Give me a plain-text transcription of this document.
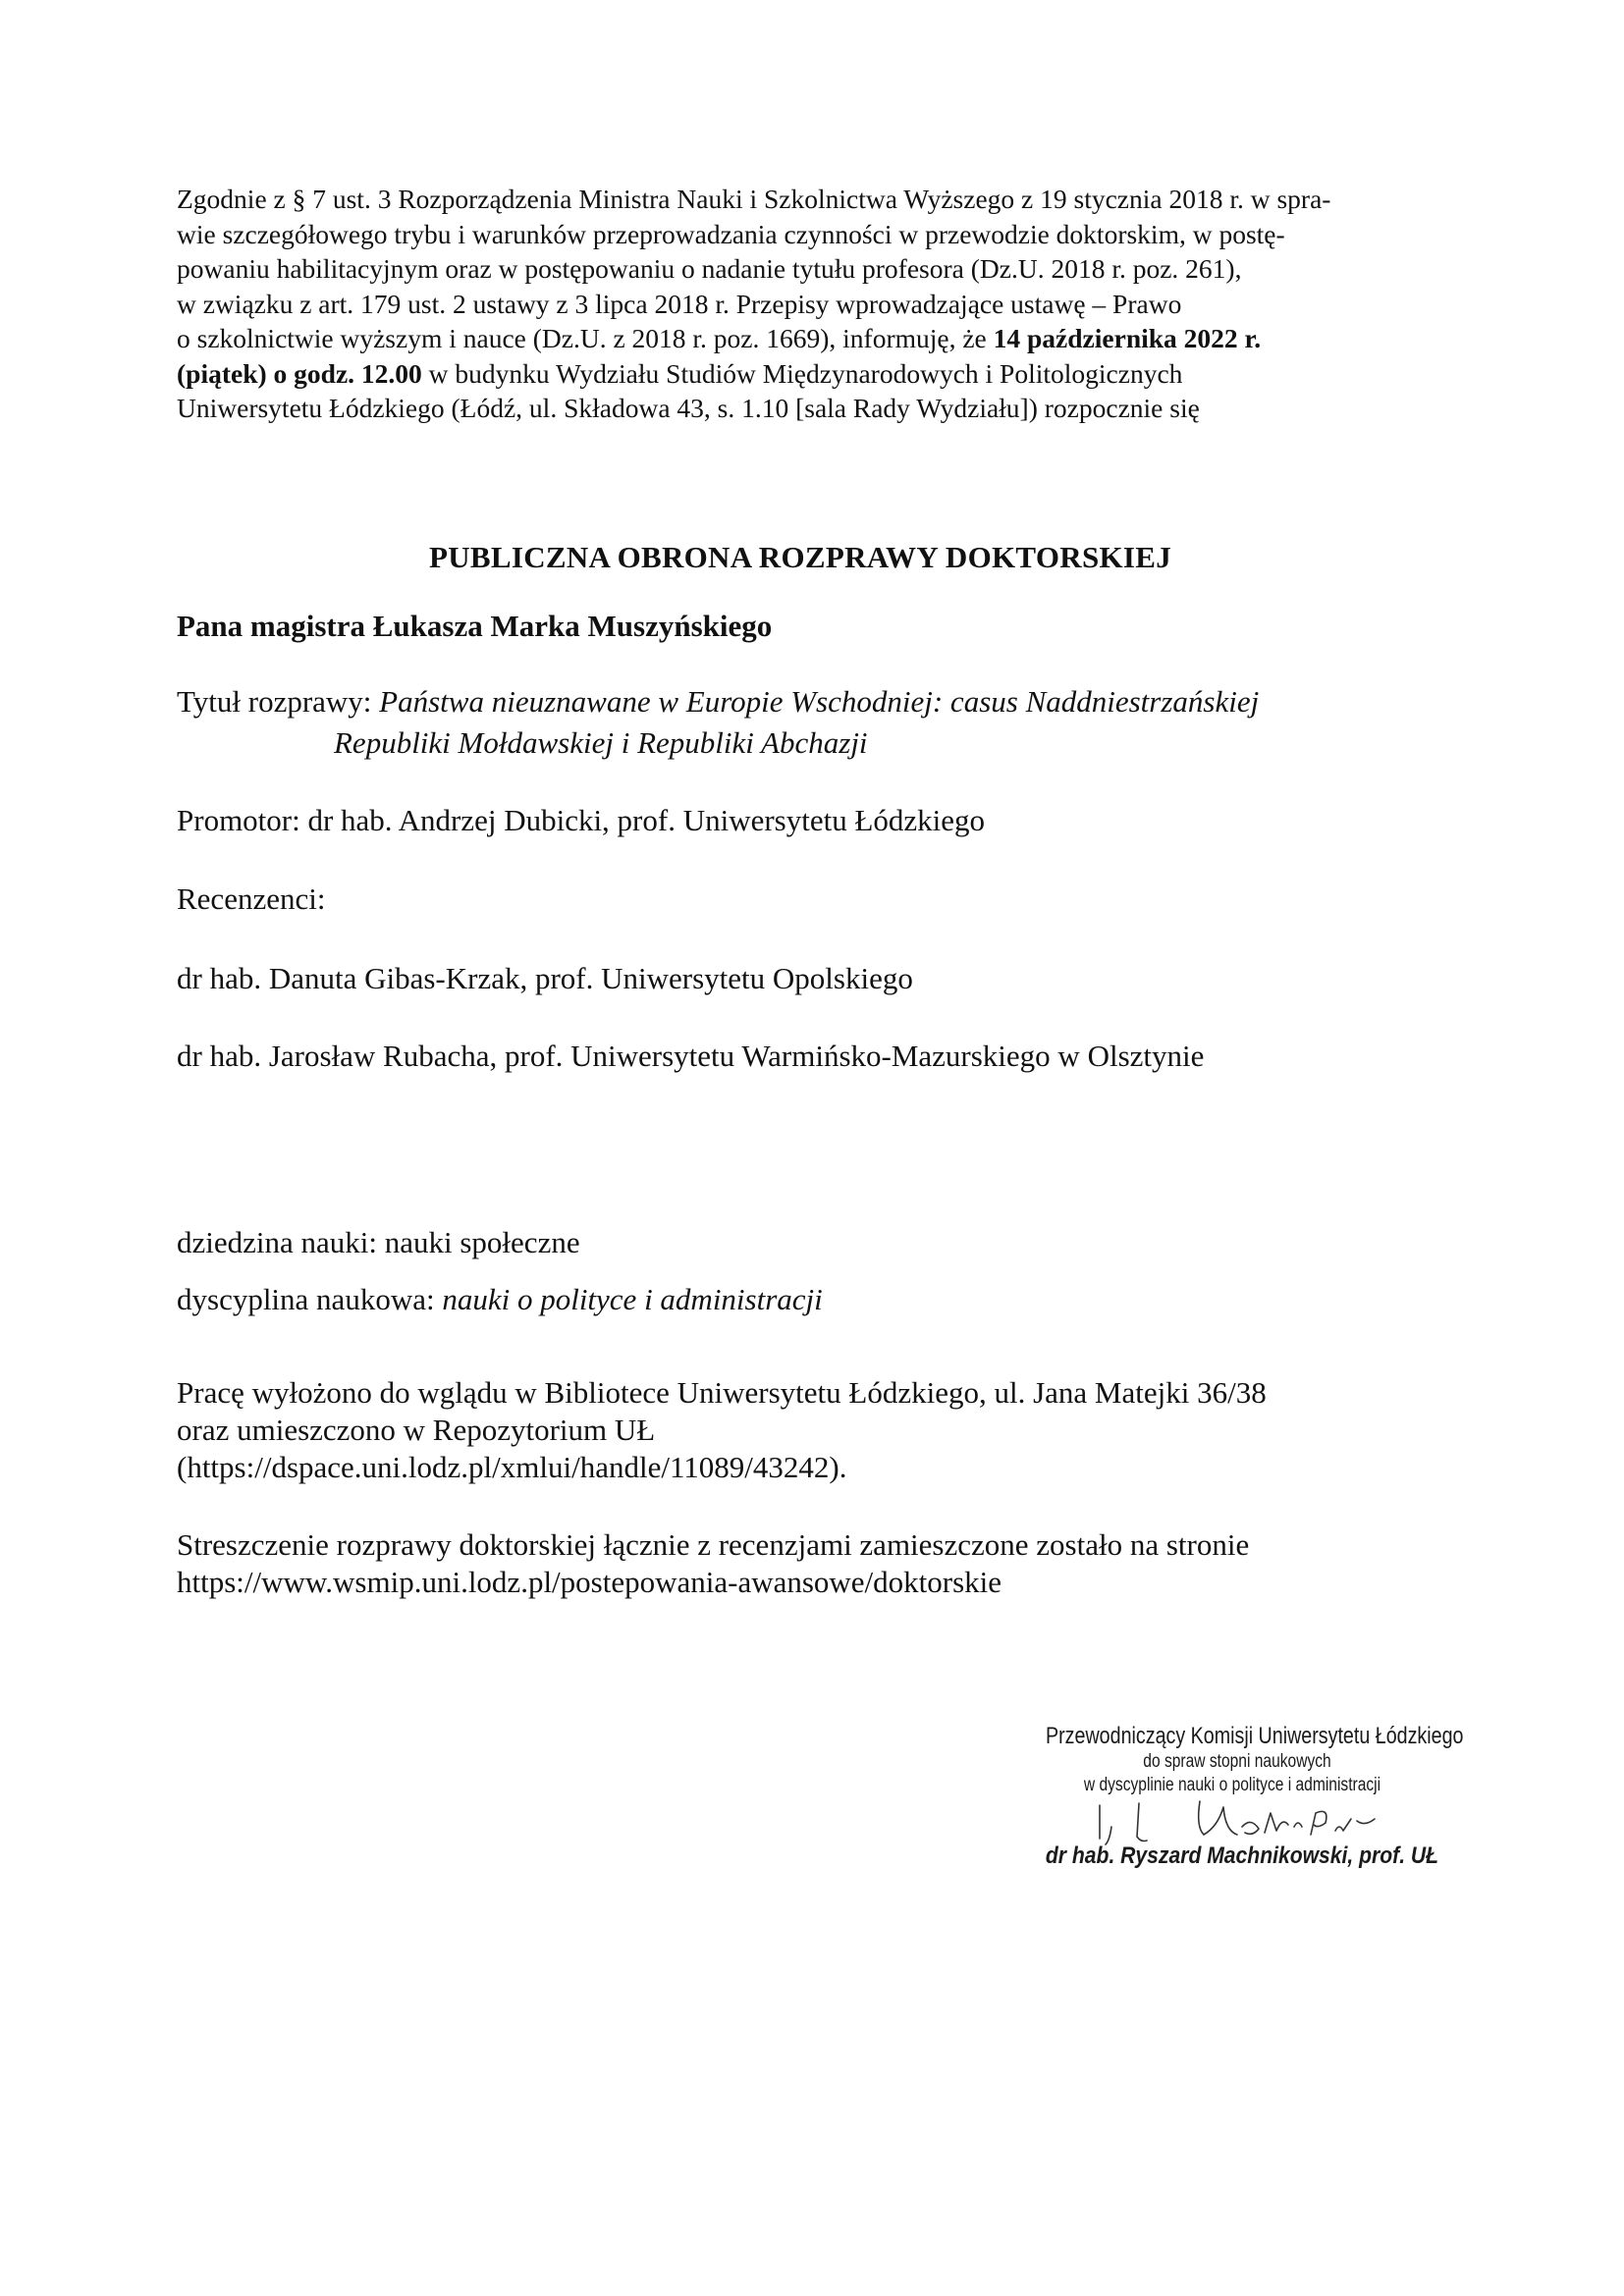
Zgodnie z § 7 ust. 3 Rozporządzenia Ministra Nauki i Szkolnictwa Wyższego z 19 stycznia 2018 r. w spra-
wie szczegółowego trybu i warunków przeprowadzania czynności w przewodzie doktorskim, w postę-
powaniu habilitacyjnym oraz w postępowaniu o nadanie tytułu profesora (Dz.U. 2018 r. poz. 261),
w związku z art. 179 ust. 2 ustawy z 3 lipca 2018 r. Przepisy wprowadzające ustawę – Prawo
o szkolnictwie wyższym i nauce (Dz.U. z 2018 r. poz. 1669), informuję, że 14 października 2022 r.
(piątek) o godz. 12.00 w budynku Wydziału Studiów Międzynarodowych i Politologicznych
Uniwersytetu Łódzkiego (Łódź, ul. Składowa 43, s. 1.10 [sala Rady Wydziału]) rozpocznie się
PUBLICZNA OBRONA ROZPRAWY DOKTORSKIEJ
Pana magistra Łukasza Marka Muszyńskiego
Tytuł rozprawy: Państwa nieuznawane w Europie Wschodniej: casus Naddniestrzańskiej
Republiki Mołdawskiej i Republiki Abchazji
Promotor: dr hab. Andrzej Dubicki, prof. Uniwersytetu Łódzkiego
Recenzenci:
dr hab. Danuta Gibas-Krzak, prof. Uniwersytetu Opolskiego
dr hab. Jarosław Rubacha, prof. Uniwersytetu Warmińsko-Mazurskiego w Olsztynie
dziedzina nauki: nauki społeczne
dyscyplina naukowa: nauki o polityce i administracji
Pracę wyłożono do wglądu w Bibliotece Uniwersytetu Łódzkiego, ul. Jana Matejki 36/38
oraz umieszczono w Repozytorium UŁ
(https://dspace.uni.lodz.pl/xmlui/handle/11089/43242).
Streszczenie rozprawy doktorskiej łącznie z recenzjami zamieszczone zostało na stronie
https://www.wsmip.uni.lodz.pl/postepowania-awansowe/doktorskie
Przewodniczący Komisji Uniwersytetu Łódzkiego
do spraw stopni naukowych
w dyscyplinie nauki o polityce i administracji
dr hab. Ryszard Machnikowski, prof. UŁ
